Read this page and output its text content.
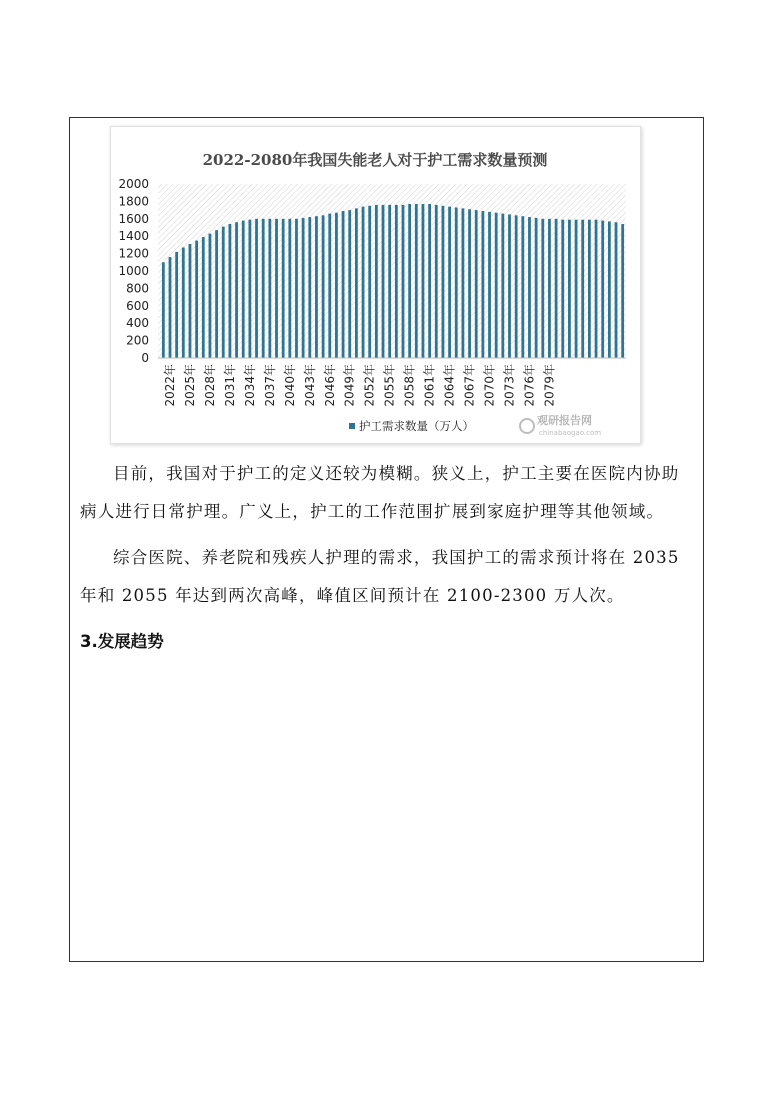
2022-2080年我国失能老人对于护工需求数量预测
0
200
400
600
800
1000
1200
1400
1600
1800
2000
2022年 2025年 2028年 2031年 2034年 2037年 2040年 2043年 2046年 2049年 2052年 2055年 2058年 2061年 2064年 2067年 2070年 2073年 2076年 2079年
护工需求数量（万人）	观研报告网
chinabaogao.com

目前，我国对于护工的定义还较为模糊。狭义上，护工主要在医院内协助病人进行日常护理。广义上，护工的工作范围扩展到家庭护理等其他领域。

综合医院、养老院和残疾人护理的需求，我国护工的需求预计将在 2035 年和 2055 年达到两次高峰，峰值区间预计在 2100-2300 万人次。

3.发展趋势
